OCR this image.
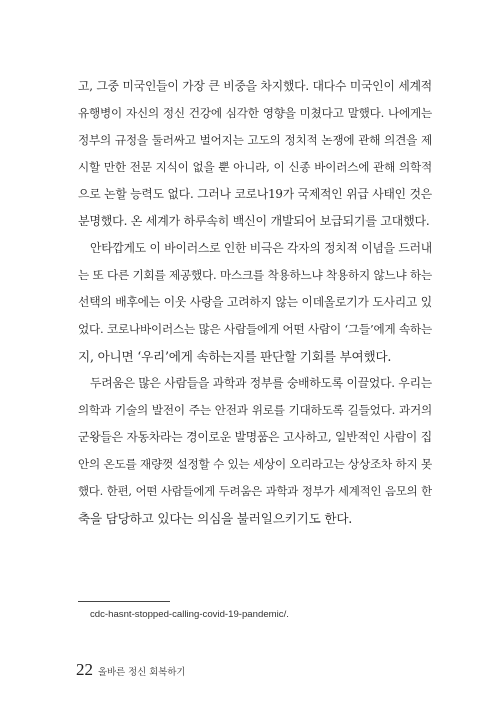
고, 그중 미국인들이 가장 큰 비중을 차지했다. 대다수 미국인이 세계적
유행병이 자신의 정신 건강에 심각한 영향을 미쳤다고 말했다. 나에게는
정부의 규정을 둘러싸고 벌어지는 고도의 정치적 논쟁에 관해 의견을 제
시할 만한 전문 지식이 없을 뿐 아니라, 이 신종 바이러스에 관해 의학적
으로 논할 능력도 없다. 그러나 코로나19가 국제적인 위급 사태인 것은
분명했다. 온 세계가 하루속히 백신이 개발되어 보급되기를 고대했다.
안타깝게도 이 바이러스로 인한 비극은 각자의 정치적 이념을 드러내
는 또 다른 기회를 제공했다. 마스크를 착용하느냐 착용하지 않느냐 하는
선택의 배후에는 이웃 사랑을 고려하지 않는 이데올로기가 도사리고 있
었다. 코로나바이러스는 많은 사람들에게 어떤 사람이 ‘그들’에게 속하는
지, 아니면 ‘우리’에게 속하는지를 판단할 기회를 부여했다.
두려움은 많은 사람들을 과학과 정부를 숭배하도록 이끌었다. 우리는
의학과 기술의 발전이 주는 안전과 위로를 기대하도록 길들었다. 과거의
군왕들은 자동차라는 경이로운 발명품은 고사하고, 일반적인 사람이 집
안의 온도를 재량껏 설정할 수 있는 세상이 오리라고는 상상조차 하지 못
했다. 한편, 어떤 사람들에게 두려움은 과학과 정부가 세계적인 음모의 한
축을 담당하고 있다는 의심을 불러일으키기도 한다.
cdc-hasnt-stopped-calling-covid-19-pandemic/.
22 올바른 정신 회복하기
